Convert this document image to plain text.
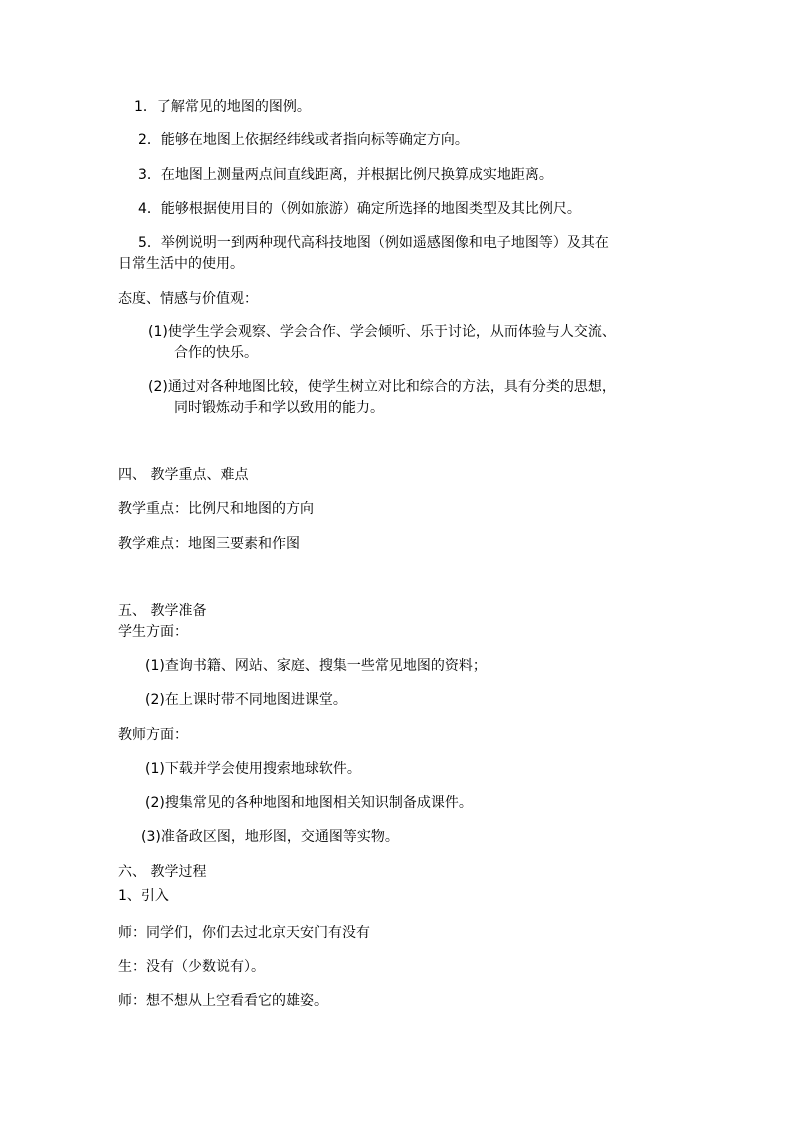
1．了解常见的地图的图例。
2．能够在地图上依据经纬线或者指向标等确定方向。
3．在地图上测量两点间直线距离，并根据比例尺换算成实地距离。
4．能够根据使用目的（例如旅游）确定所选择的地图类型及其比例尺。
5．举例说明一到两种现代高科技地图（例如遥感图像和电子地图等）及其在
日常生活中的使用。
态度、情感与价值观：
(1)使学生学会观察、学会合作、学会倾听、乐于讨论，从而体验与人交流、
合作的快乐。
(2)通过对各种地图比较，使学生树立对比和综合的方法，具有分类的思想，
同时锻炼动手和学以致用的能力。
四、 教学重点、难点
教学重点：比例尺和地图的方向
教学难点：地图三要素和作图
五、 教学准备
学生方面：
(1)查询书籍、网站、家庭、搜集一些常见地图的资料；
(2)在上课时带不同地图进课堂。
教师方面：
(1)下载并学会使用搜索地球软件。
(2)搜集常见的各种地图和地图相关知识制备成课件。
(3)准备政区图，地形图，交通图等实物。
六、 教学过程
1、引入
师：同学们，你们去过北京天安门有没有
生：没有（少数说有）。
师：想不想从上空看看它的雄姿。
